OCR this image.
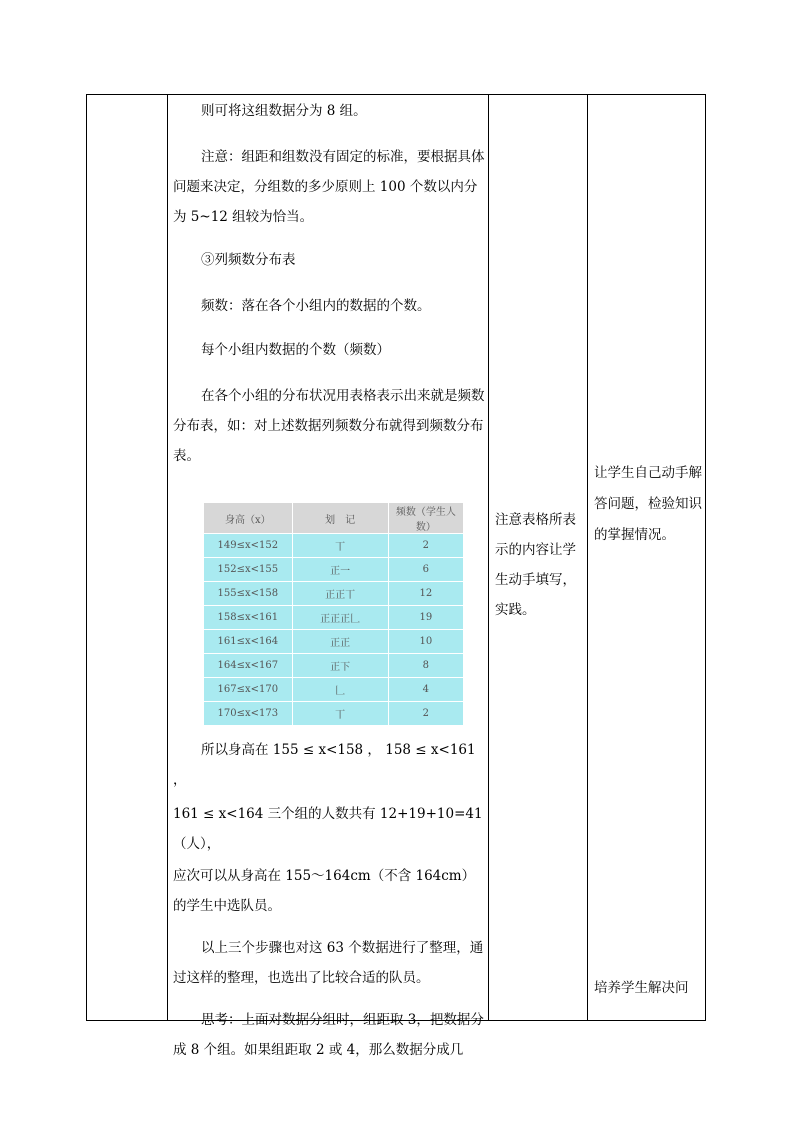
则可将这组数据分为 8 组。

注意：组距和组数没有固定的标准，要根据具体问题来决定，分组数的多少原则上 100 个数以内分为 5~12 组较为恰当。

③列频数分布表

频数：落在各个小组内的数据的个数。

每个小组内数据的个数（频数）

在各个小组的分布状况用表格表示出来就是频数分布表，如：对上述数据列频数分布就得到频数分布表。

身高（x）	划　记	频数（学生人数）
149≤x<152	丅	2
152≤x<155	正一	6
155≤x<158	正正丅	12
158≤x<161	正正正𠃊	19
161≤x<164	正正	10
164≤x<167	正下	8
167≤x<170	𠃊	4
170≤x<173	丅	2

所以身高在 155 ≤ x<158 ， 158 ≤ x<161 ，

161 ≤ x<164 三个组的人数共有 12+19+10=41（人），

应次可以从身高在 155～164cm（不含 164cm）的学生中选队员。

以上三个步骤也对这 63 个数据进行了整理，通过这样的整理，也选出了比较合适的队员。

思考：上面对数据分组时，组距取 3，把数据分成 8 个组。如果组距取 2 或 4，那么数据分成几

注意表格所表示的内容让学生动手填写，实践。
让学生自己动手解答问题，检验知识的掌握情况。
培养学生解决问
